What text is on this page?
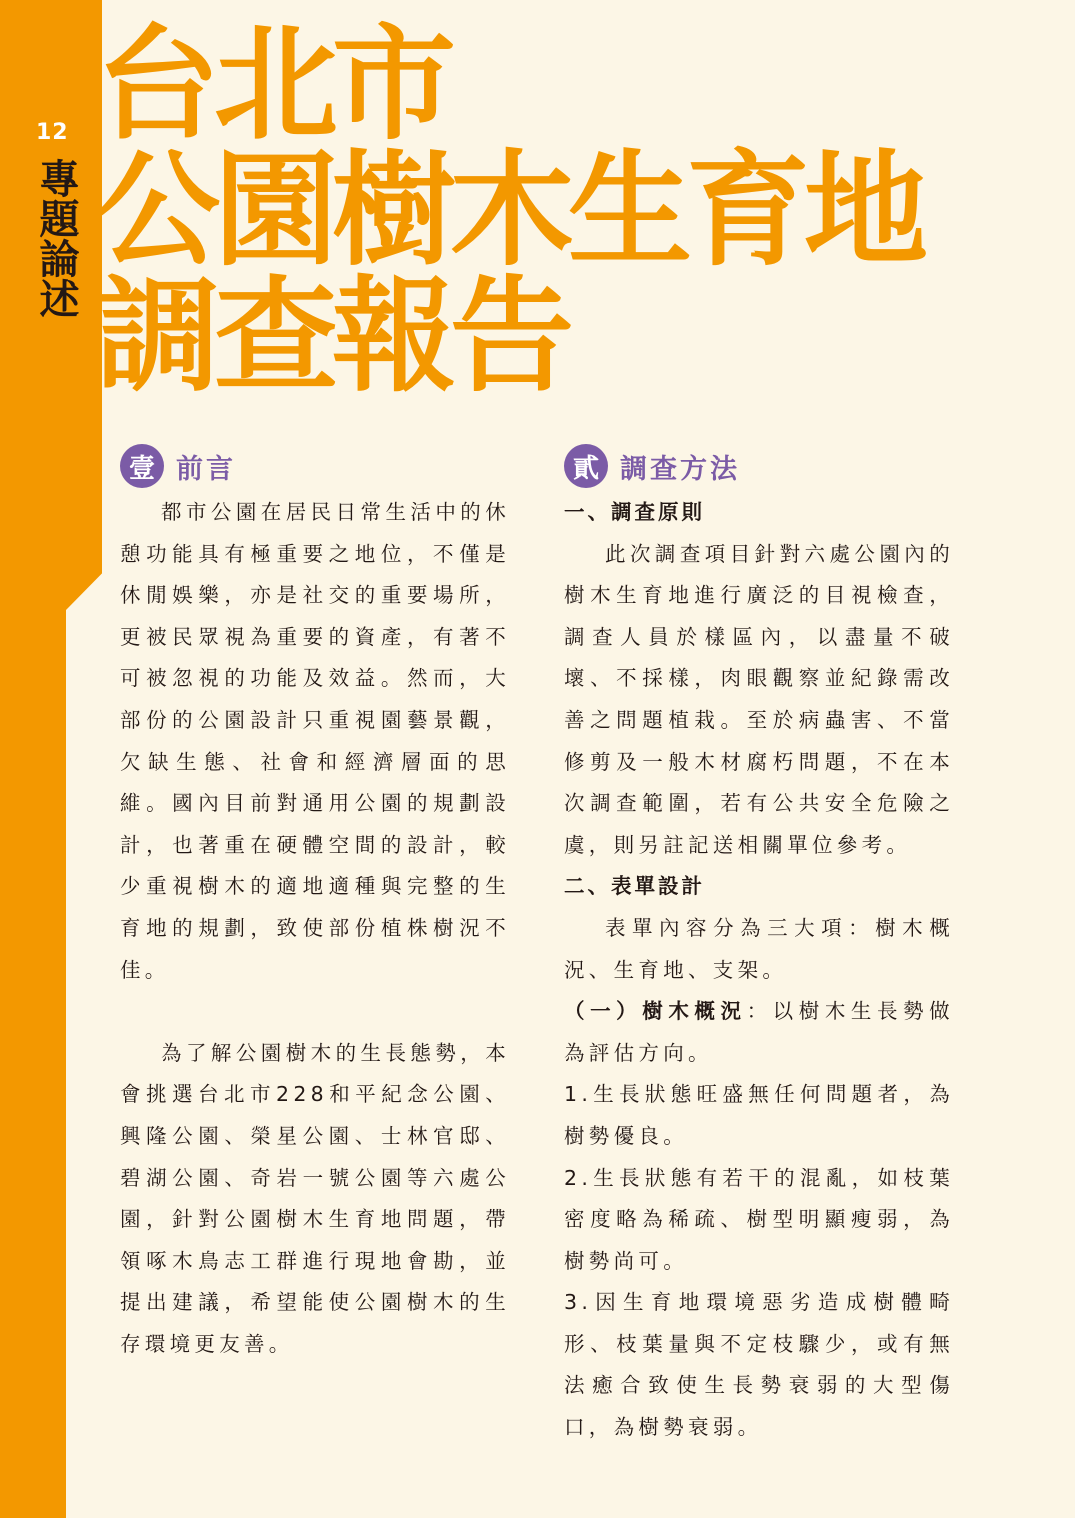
12
專題論述
台北市
公園樹木生育地
調查報告
壹 前言

都市公園在居民日常生活中的休憩功能具有極重要之地位，不僅是休閒娛樂，亦是社交的重要場所，更被民眾視為重要的資產，有著不可被忽視的功能及效益。然而，大部份的公園設計只重視園藝景觀，欠缺生態、社會和經濟層面的思維。國內目前對通用公園的規劃設計，也著重在硬體空間的設計，較少重視樹木的適地適種與完整的生育地的規劃，致使部份植株樹況不佳。

為了解公園樹木的生長態勢，本會挑選台北市228和平紀念公園、興隆公園、榮星公園、士林官邸、碧湖公園、奇岩一號公園等六處公園，針對公園樹木生育地問題，帶領啄木鳥志工群進行現地會勘，並提出建議，希望能使公園樹木的生存環境更友善。

貳 調查方法

一、調查原則

此次調查項目針對六處公園內的樹木生育地進行廣泛的目視檢查，調查人員於樣區內，以盡量不破壞、不採樣，肉眼觀察並紀錄需改善之問題植栽。至於病蟲害、不當修剪及一般木材腐朽問題，不在本次調查範圍，若有公共安全危險之虞，則另註記送相關單位參考。

二、表單設計

表單內容分為三大項：樹木概況、生育地、支架。

（一）樹木概況：以樹木生長勢做為評估方向。

1.生長狀態旺盛無任何問題者，為樹勢優良。

2.生長狀態有若干的混亂，如枝葉密度略為稀疏、樹型明顯瘦弱，為樹勢尚可。

3.因生育地環境惡劣造成樹體畸形、枝葉量與不定枝驟少，或有無法癒合致使生長勢衰弱的大型傷口，為樹勢衰弱。
